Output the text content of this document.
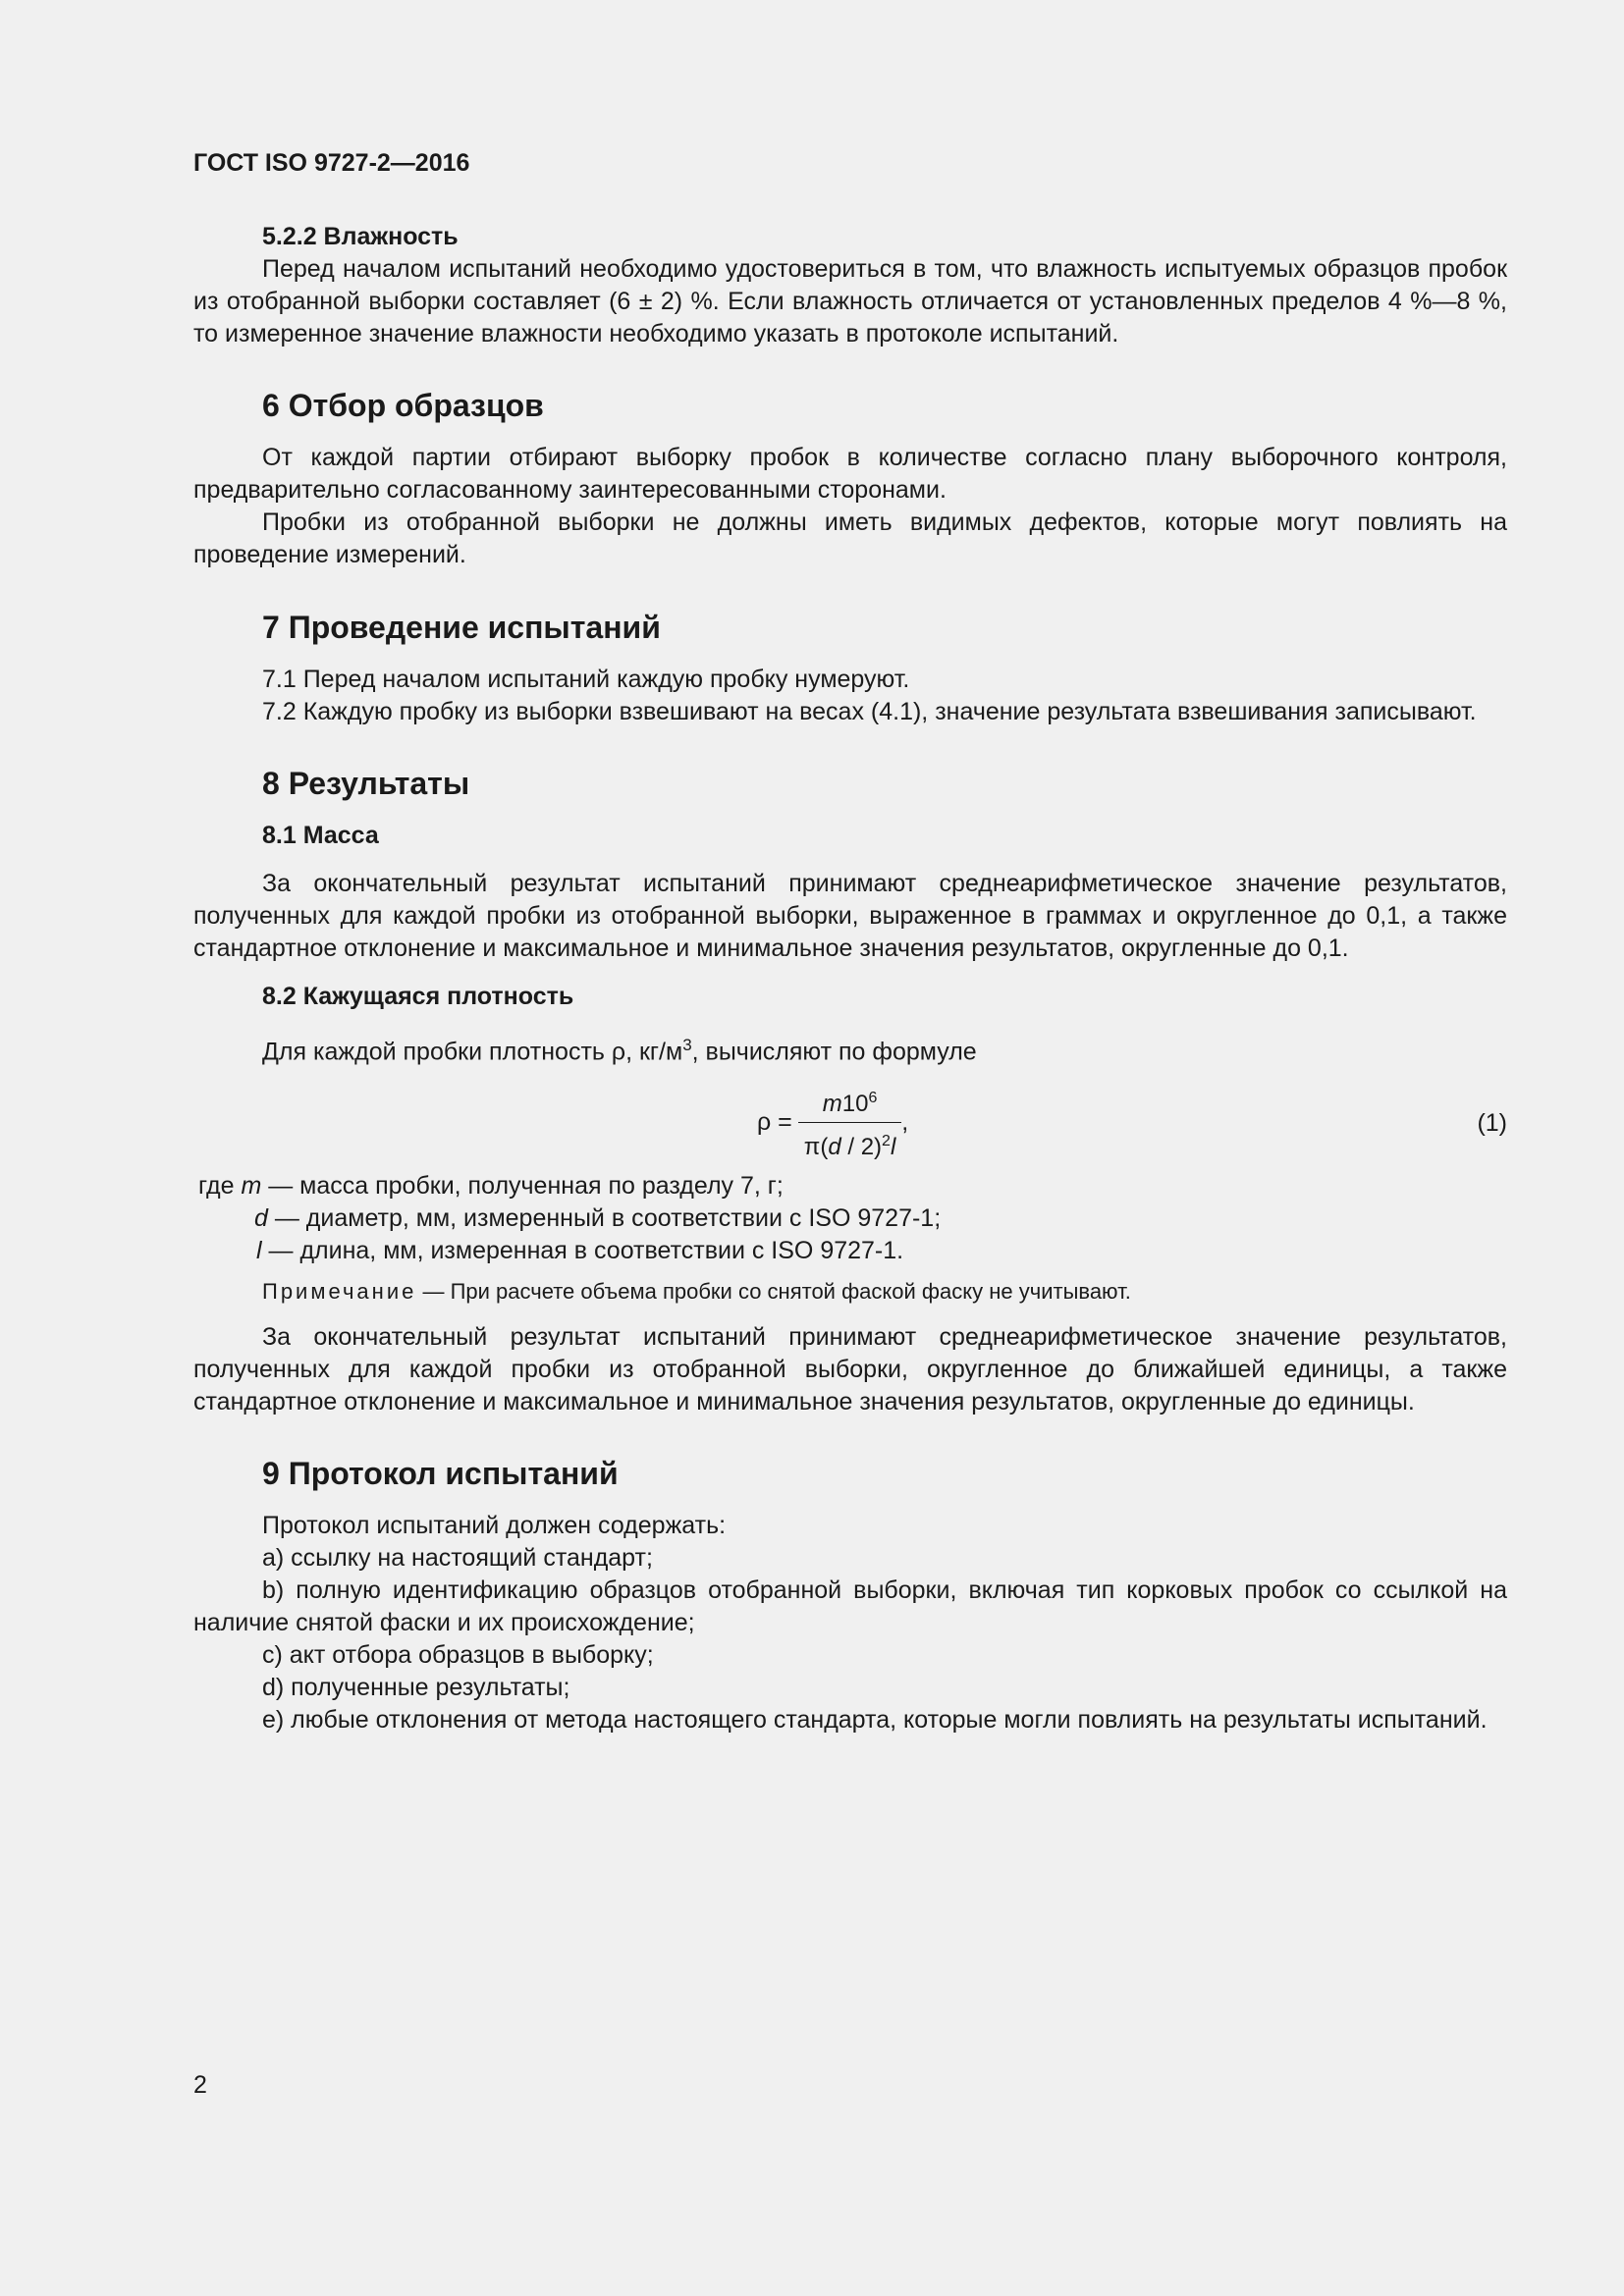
ГОСТ ISO 9727-2—2016
5.2.2 Влажность

Перед началом испытаний необходимо удостовериться в том, что влажность испытуемых образцов пробок из отобранной выборки составляет (6 ± 2) %. Если влажность отличается от установленных пределов 4 %—8 %, то измеренное значение влажности необходимо указать в протоколе испытаний.

6 Отбор образцов

От каждой партии отбирают выборку пробок в количестве согласно плану выборочного контроля, предварительно согласованному заинтересованными сторонами.

Пробки из отобранной выборки не должны иметь видимых дефектов, которые могут повлиять на проведение измерений.

7 Проведение испытаний

7.1 Перед началом испытаний каждую пробку нумеруют.

7.2 Каждую пробку из выборки взвешивают на весах (4.1), значение результата взвешивания записывают.

8 Результаты
8.1 Масса

За окончательный результат испытаний принимают среднеарифметическое значение результатов, полученных для каждой пробки из отобранной выборки, выраженное в граммах и округленное до 0,1, а также стандартное отклонение и максимальное и минимальное значения результатов, округленные до 0,1.

8.2 Кажущаяся плотность

Для каждой пробки плотность ρ, $кг/м^3$, вычисляют по формуле

$\rho = \frac{m10^6}{\pi(d / 2)^2l}$ ,	(1)

где m — масса пробки, полученная по разделу 7, г;

d — диаметр, мм, измеренный в соответствии с ISO 9727-1;

l — длина, мм, измеренная в соответствии с ISO 9727-1.

Примечание — При расчете объема пробки со снятой фаской фаску не учитывают.

За окончательный результат испытаний принимают среднеарифметическое значение результатов, полученных для каждой пробки из отобранной выборки, округленное до ближайшей единицы, а также стандартное отклонение и максимальное и минимальное значения результатов, округленные до единицы.

9 Протокол испытаний

Протокол испытаний должен содержать:

a) ссылку на настоящий стандарт;

b) полную идентификацию образцов отобранной выборки, включая тип корковых пробок со ссылкой на наличие снятой фаски и их происхождение;

c) акт отбора образцов в выборку;

d) полученные результаты;

e) любые отклонения от метода настоящего стандарта, которые могли повлиять на результаты испытаний.

2
